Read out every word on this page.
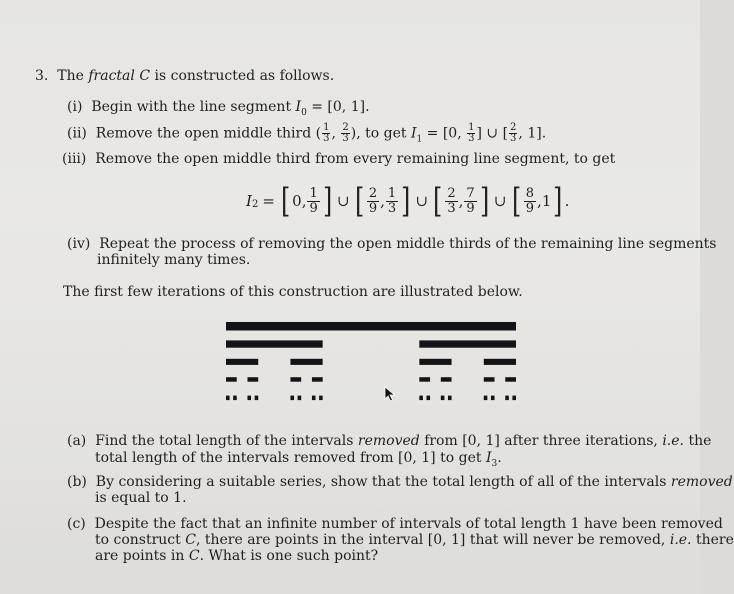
3. The fractal C is constructed as follows.
(i) Begin with the line segment $I_0 = [0$, 1].
(ii) Remove the open middle third ( $\frac{1}{3}$ , $\frac{2}{3}$ ), to get $I_1 = [0$, $\frac{1}{3}$ ] ∪ [ $\frac{2}{3}$ , 1].
(iii) Remove the open middle third from every remaining line segment, to get
$I_2$ = [ 0, $\frac{1}{9}$ ] ∪ [ $\frac{2}{9}$ , $\frac{1}{3}$ ] ∪ [ $\frac{2}{3}$ , $\frac{7}{9}$ ] ∪ [ $\frac{8}{9} ,1$ ] .
(iv) Repeat the process of removing the open middle thirds of the remaining line segments
infinitely many times.
The first few iterations of this construction are illustrated below.
(a) Find the total length of the intervals removed from [0, 1] after three iterations, i.e. the
total length of the intervals removed from [0, 1] to get $I_3$.
(b) By considering a suitable series, show that the total length of all of the intervals removed
is equal to 1.
(c) Despite the fact that an infinite number of intervals of total length 1 have been removed
to construct C, there are points in the interval [0, 1] that will never be removed, i.e. there
are points in C. What is one such point?
